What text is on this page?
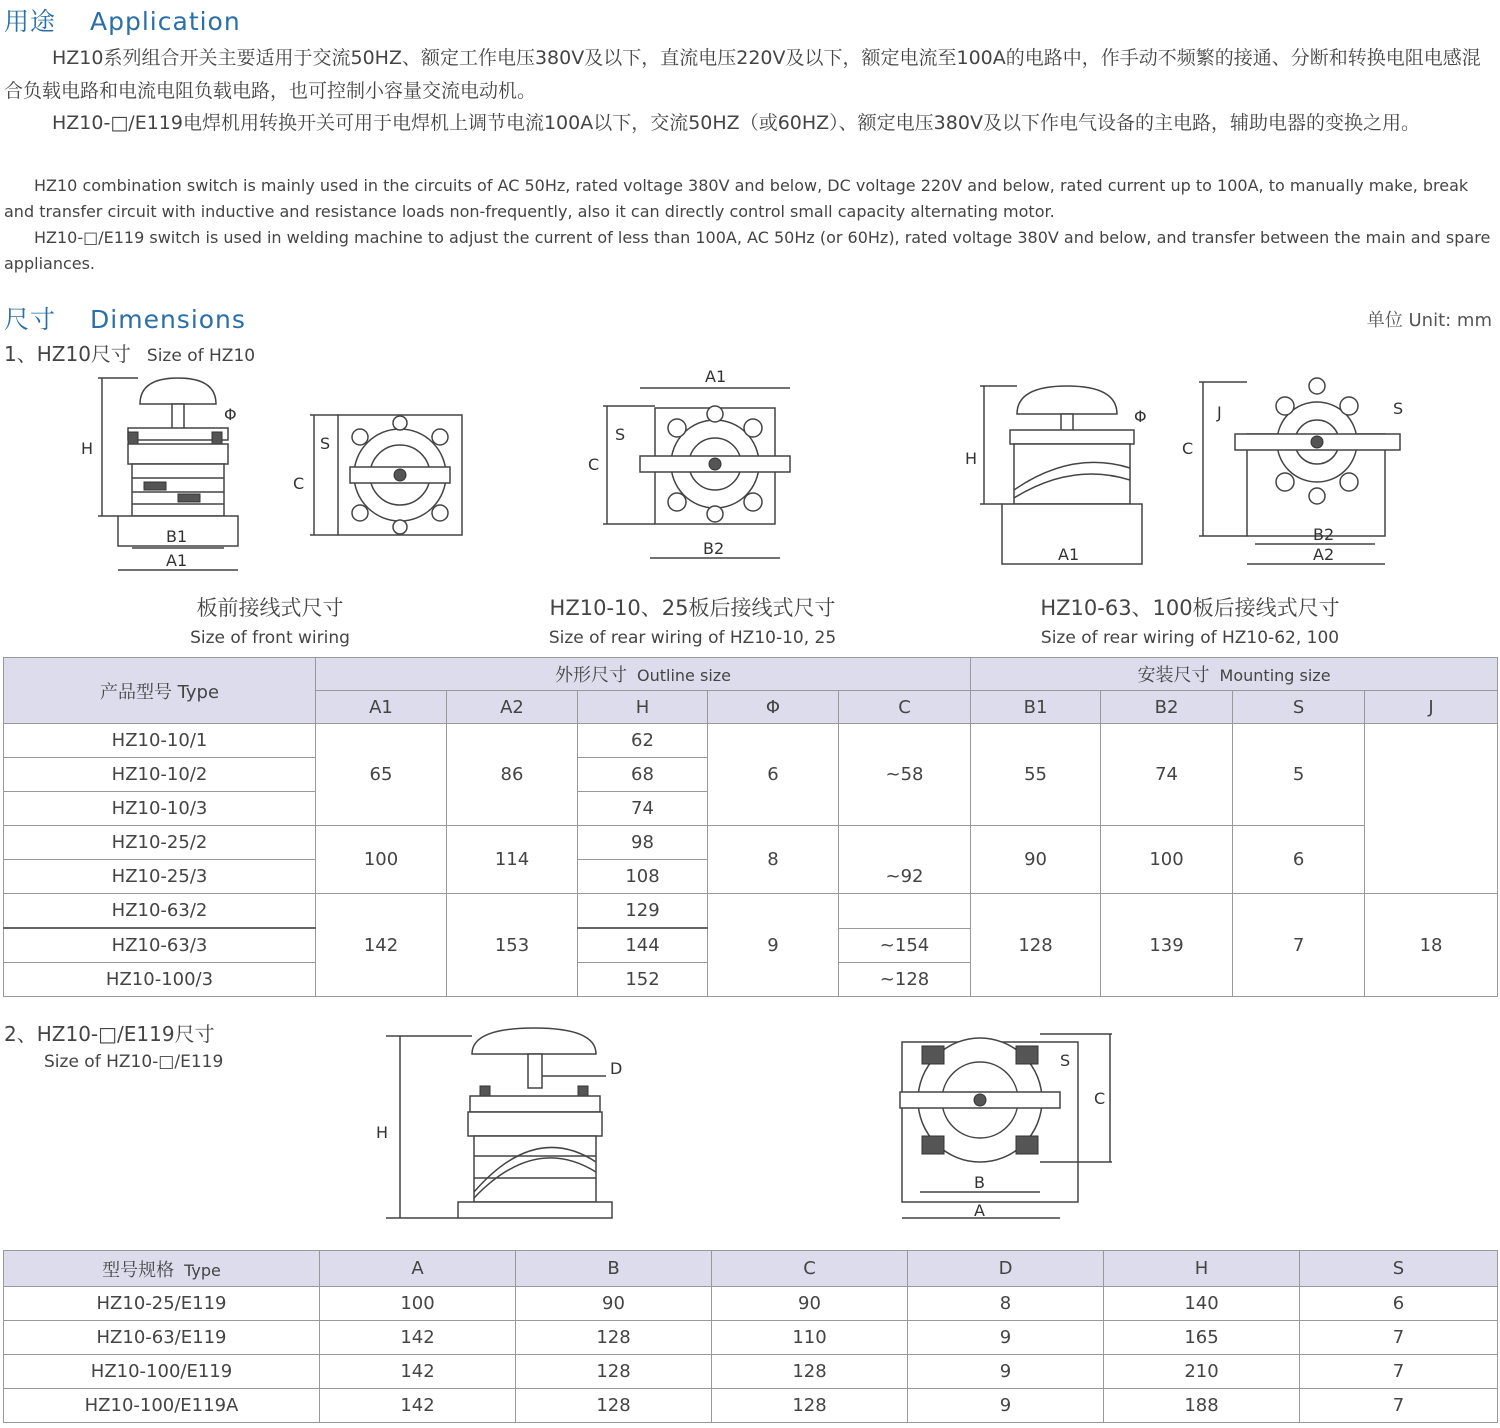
用途 Application
HZ10系列组合开关主要适用于交流50HZ、额定工作电压380V及以下，直流电压220V及以下，额定电流至100A的电路中，作手动不频繁的接通、分断和转换电阻电感混合负载电路和电流电阻负载电路，也可控制小容量交流电动机。
HZ10-□/E119电焊机用转换开关可用于电焊机上调节电流100A以下，交流50HZ（或60HZ）、额定电压380V及以下作电气设备的主电路，辅助电器的变换之用。
HZ10 combination switch is mainly used in the circuits of AC 50Hz, rated voltage 380V and below, DC voltage 220V and below, rated current up to 100A, to manually make, break and transfer circuit with inductive and resistance loads non-frequently, also it can directly control small capacity alternating motor.
HZ10-□/E119 switch is used in welding machine to adjust the current of less than 100A, AC 50Hz (or 60Hz), rated voltage 380V and below, and transfer between the main and spare appliances.
尺寸 Dimensions	单位 Unit: mm
1、HZ10尺寸 Size of HZ10
H
Φ
B1
A1
C
S
A1
C
S
B2
H
Φ
A1
C
J	S
B2
A2
板前接线式尺寸
Size of front wiring
HZ10-10、25板后接线式尺寸
Size of rear wiring of HZ10-10, 25
HZ10-63、100板后接线式尺寸
Size of rear wiring of HZ10-62, 100
产品型号 Type	外形尺寸 Outline size					安装尺寸 Mounting size			
	A1	A2	H	Φ	C	B1	B2	S	J
HZ10-10/1	65	86	62	6	~58	55	74	5	
HZ10-10/2			68						
HZ10-10/3			74						
HZ10-25/2	100	114	98	8	~92	90	100	6	
HZ10-25/3			108						
HZ10-63/2	142	153	129	9		128	139	7	18
HZ10-63/3			144		~154				
HZ10-100/3			152		~128				
2、HZ10-□/E119尺寸
Size of HZ10-□/E119
H
D
C
S
B
A
型号规格 Type	A	B	C	D	H	S
HZ10-25/E119	100	90	90	8	140	6
HZ10-63/E119	142	128	110	9	165	7
HZ10-100/E119	142	128	128	9	210	7
HZ10-100/E119A	142	128	128	9	188	7
